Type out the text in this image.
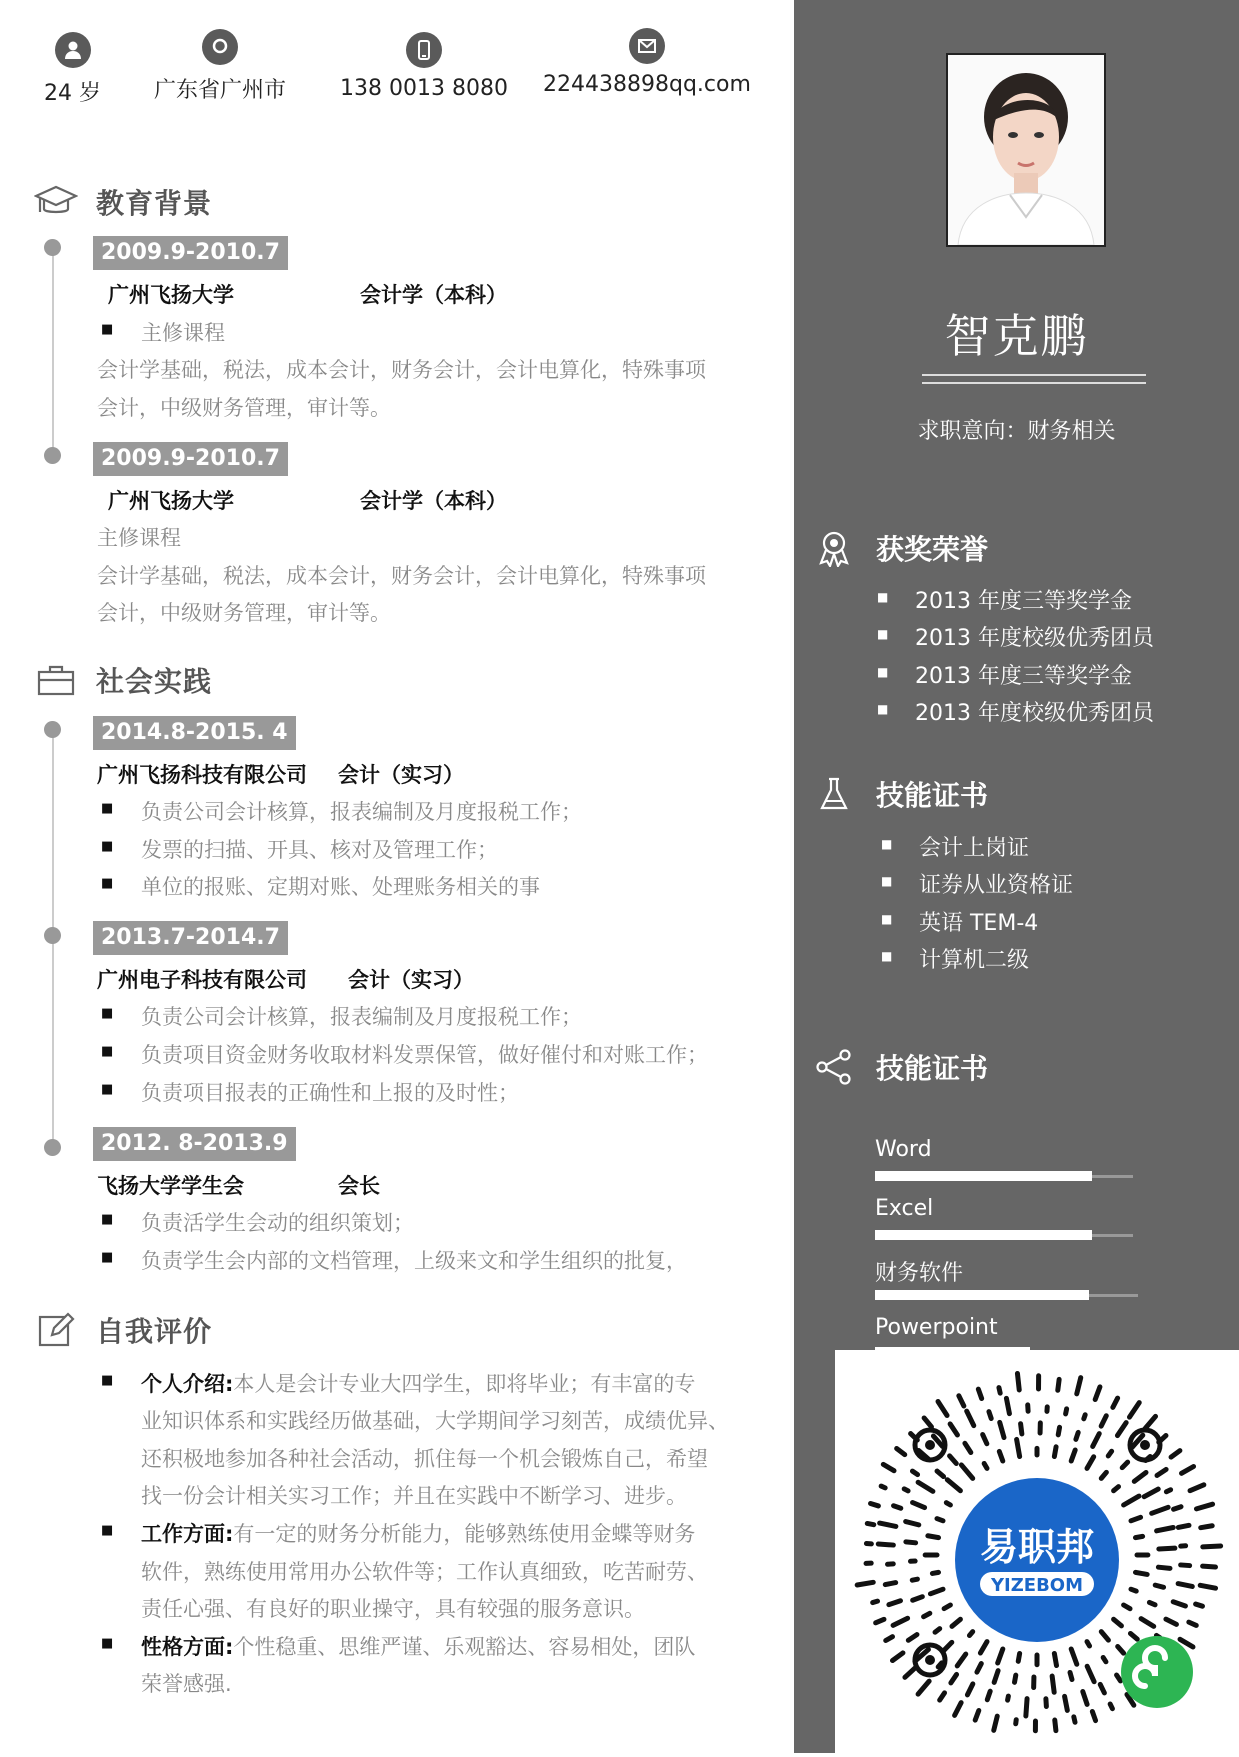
24 岁 广东省广州市 138 0013 8080 224438898qq.com
教育背景
2009.9-2010.7
广州飞扬大学	会计学（本科）
■ 主修课程
会计学基础，税法，成本会计，财务会计，会计电算化，特殊事项
会计，中级财务管理，审计等。
2009.9-2010.7
广州飞扬大学	会计学（本科）
主修课程
会计学基础，税法，成本会计，财务会计，会计电算化，特殊事项
会计，中级财务管理，审计等。
社会实践
2014.8-2015. 4
广州飞扬科技有限公司 会计（实习）
■ 负责公司会计核算，报表编制及月度报税工作；
■ 发票的扫描、开具、核对及管理工作；
■ 单位的报账、定期对账、处理账务相关的事
2013.7-2014.7
广州电子科技有限公司 会计（实习）
■ 负责公司会计核算，报表编制及月度报税工作；
■ 负责项目资金财务收取材料发票保管，做好催付和对账工作；
■ 负责项目报表的正确性和上报的及时性；
2012. 8-2013.9
飞扬大学学生会	会长
■ 负责活学生会动的组织策划；
■ 负责学生会内部的文档管理，上级来文和学生组织的批复，
自我评价
■ 个人介绍:本人是会计专业大四学生，即将毕业；有丰富的专
业知识体系和实践经历做基础，大学期间学习刻苦，成绩优异、
还积极地参加各种社会活动，抓住每一个机会锻炼自己，希望
找一份会计相关实习工作；并且在实践中不断学习、进步。
■ 工作方面:有一定的财务分析能力，能够熟练使用金蝶等财务
软件，熟练使用常用办公软件等；工作认真细致，吃苦耐劳、
责任心强、有良好的职业操守，具有较强的服务意识。
■ 性格方面:个性稳重、思维严谨、乐观豁达、容易相处，团队
荣誉感强.
智克鹏
求职意向：财务相关
获奖荣誉
■ 2013 年度三等奖学金
■ 2013 年度校级优秀团员
■ 2013 年度三等奖学金
■ 2013 年度校级优秀团员
技能证书
■ 会计上岗证
■ 证券从业资格证
■ 英语 TEM-4
■ 计算机二级
技能证书
Word
Excel
财务软件
Powerpoint
易职邦
YIZEBOM
